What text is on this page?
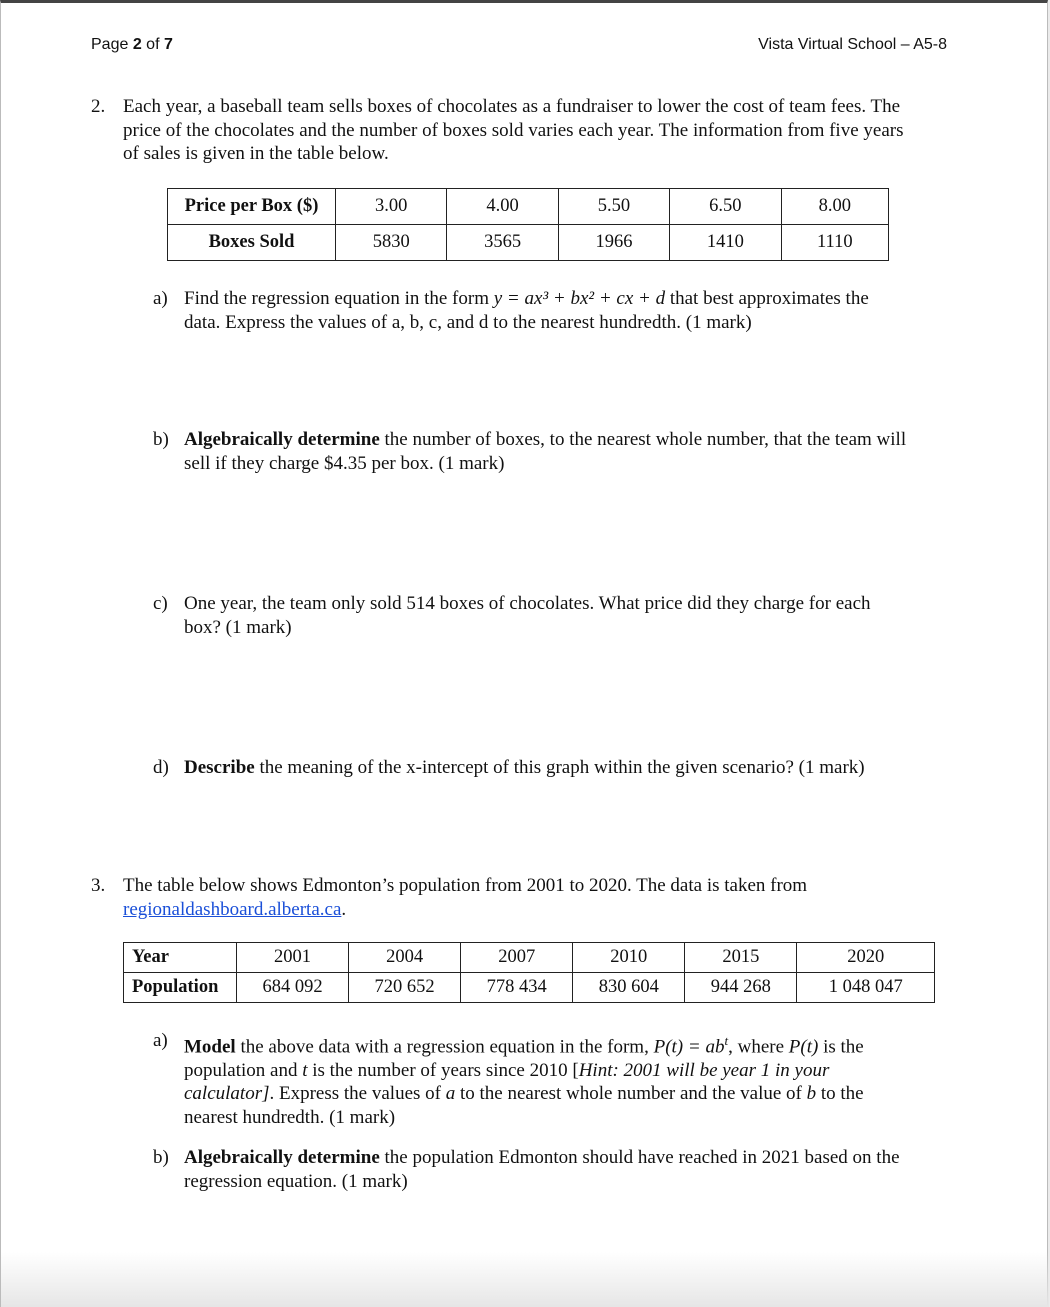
Page 2 of 7	Vista Virtual School – A5-8
2. Each year, a baseball team sells boxes of chocolates as a fundraiser to lower the cost of team fees. The
price of the chocolates and the number of boxes sold varies each year. The information from five years
of sales is given in the table below.
Price per Box ($)	3.00	4.00	5.50	6.50	8.00
Boxes Sold	5830	3565	1966	1410	1110
a) Find the regression equation in the form y = ax³ + bx² + cx + d that best approximates the
data. Express the values of a, b, c, and d to the nearest hundredth. (1 mark)
b) Algebraically determine the number of boxes, to the nearest whole number, that the team will
sell if they charge $4.35 per box. (1 mark)
c) One year, the team only sold 514 boxes of chocolates. What price did they charge for each
box? (1 mark)
d) Describe the meaning of the x-intercept of this graph within the given scenario? (1 mark)
3. The table below shows Edmonton’s population from 2001 to 2020. The data is taken from
regionaldashboard.alberta.ca.
Year	2001	2004	2007	2010	2015	2020
Population	684 092	720 652	778 434	830 604	944 268	1 048 047
a) Model the above data with a regression equation in the form, $P(t) = ab^t$, where P(t) is the
population and t is the number of years since 2010 [Hint: 2001 will be year 1 in your
calculator]. Express the values of a to the nearest whole number and the value of b to the
nearest hundredth. (1 mark)
b) Algebraically determine the population Edmonton should have reached in 2021 based on the
regression equation. (1 mark)
